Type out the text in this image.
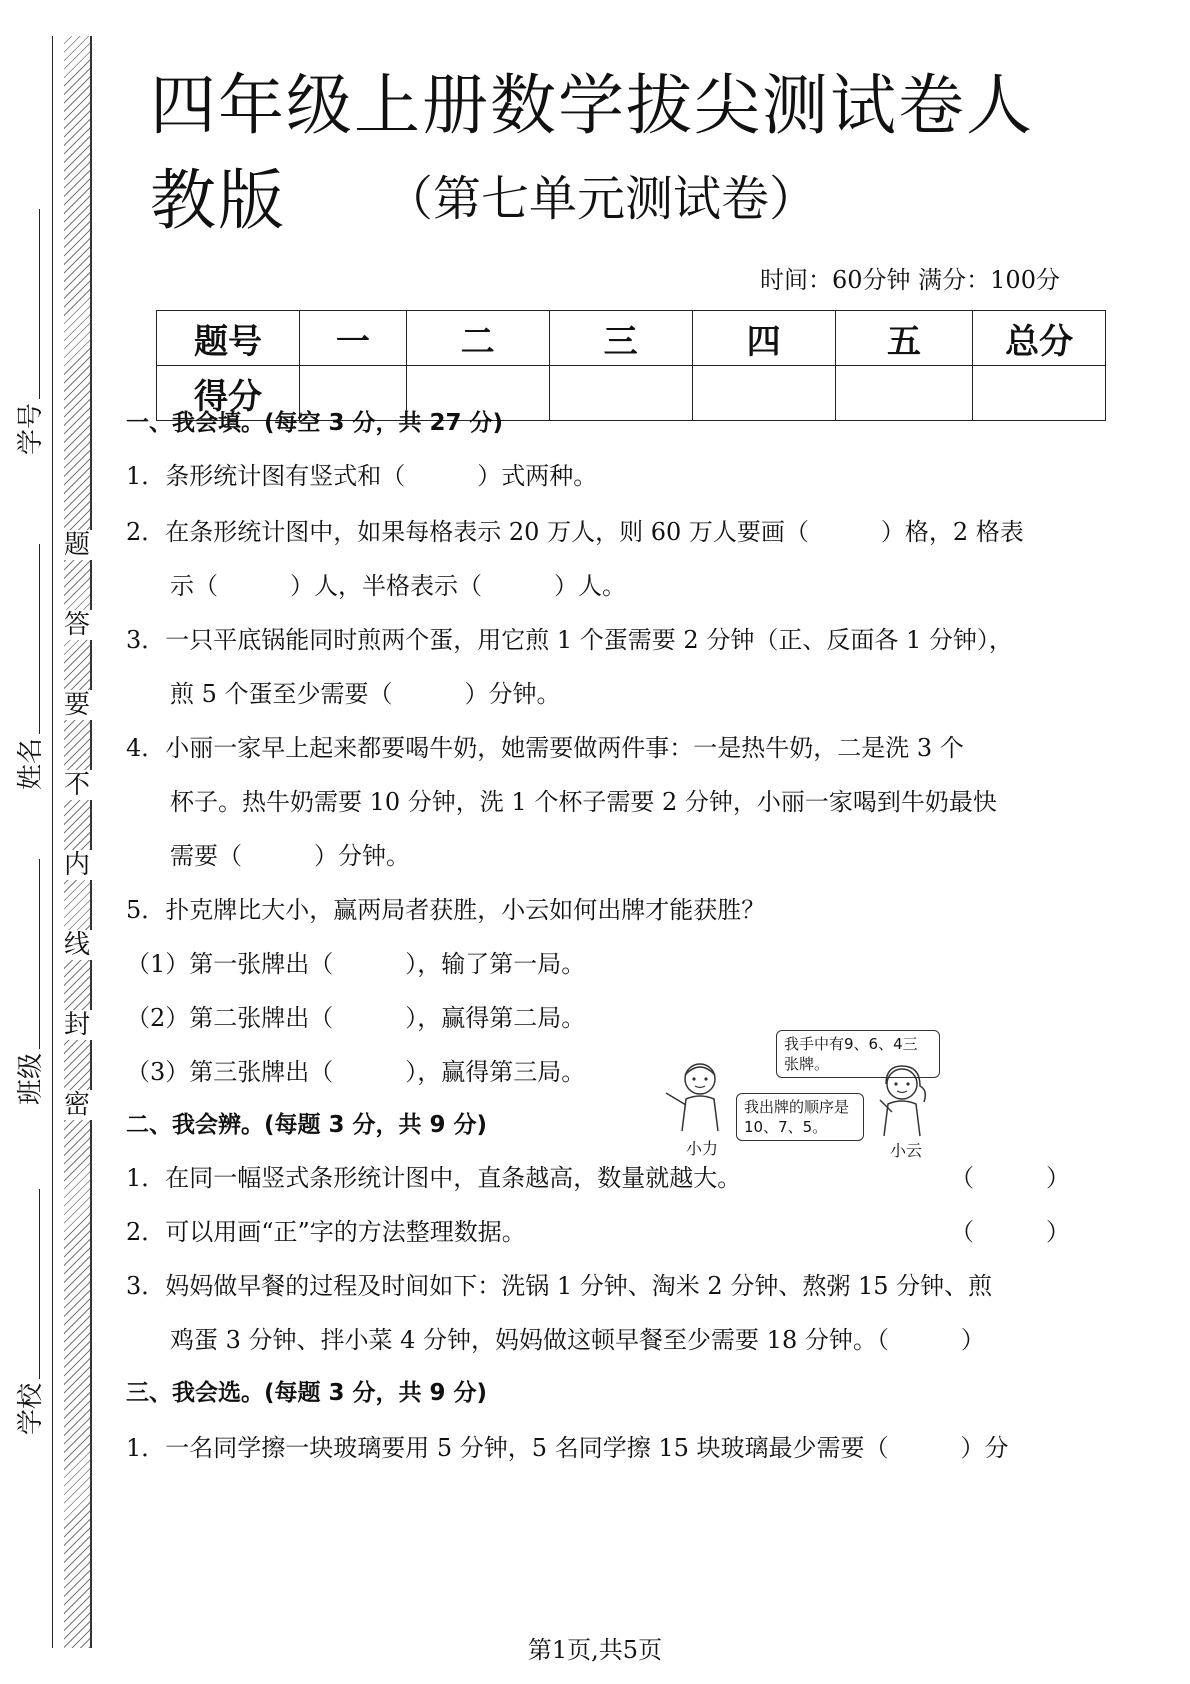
学号
姓名
班级
学校
密
封
线
内
不
要
答
题
四年级上册数学拔尖测试卷人教版	（第七单元测试卷）
时间：60分钟 满分：100分
题号	一	二	三	四	五	总分
得分						
一、我会填。(每空 3 分，共 27 分)
1．条形统计图有竖式和（　　　）式两种。
2．在条形统计图中，如果每格表示 20 万人，则 60 万人要画（　　　）格，2 格表
示（　　　）人，半格表示（　　　）人。
3．一只平底锅能同时煎两个蛋，用它煎 1 个蛋需要 2 分钟（正、反面各 1 分钟），
煎 5 个蛋至少需要（　　　）分钟。
4．小丽一家早上起来都要喝牛奶，她需要做两件事：一是热牛奶，二是洗 3 个
杯子。热牛奶需要 10 分钟，洗 1 个杯子需要 2 分钟，小丽一家喝到牛奶最快
需要（　　　）分钟。
5．扑克牌比大小，赢两局者获胜，小云如何出牌才能获胜？
（1）第一张牌出（　　　），输了第一局。
（2）第二张牌出（　　　），赢得第二局。
（3）第三张牌出（　　　），赢得第三局。
我手中有9、6、4三张牌。
我出牌的顺序是10、7、5。
小力	小云
二、我会辨。(每题 3 分，共 9 分)
1．在同一幅竖式条形统计图中，直条越高，数量就越大。	（　　　）
2．可以用画“正”字的方法整理数据。	（　　　）
3．妈妈做早餐的过程及时间如下：洗锅 1 分钟、淘米 2 分钟、熬粥 15 分钟、煎
鸡蛋 3 分钟、拌小菜 4 分钟，妈妈做这顿早餐至少需要 18 分钟。（　　　）
三、我会选。(每题 3 分，共 9 分)
1．一名同学擦一块玻璃要用 5 分钟，5 名同学擦 15 块玻璃最少需要（　　　）分
第1页,共5页
